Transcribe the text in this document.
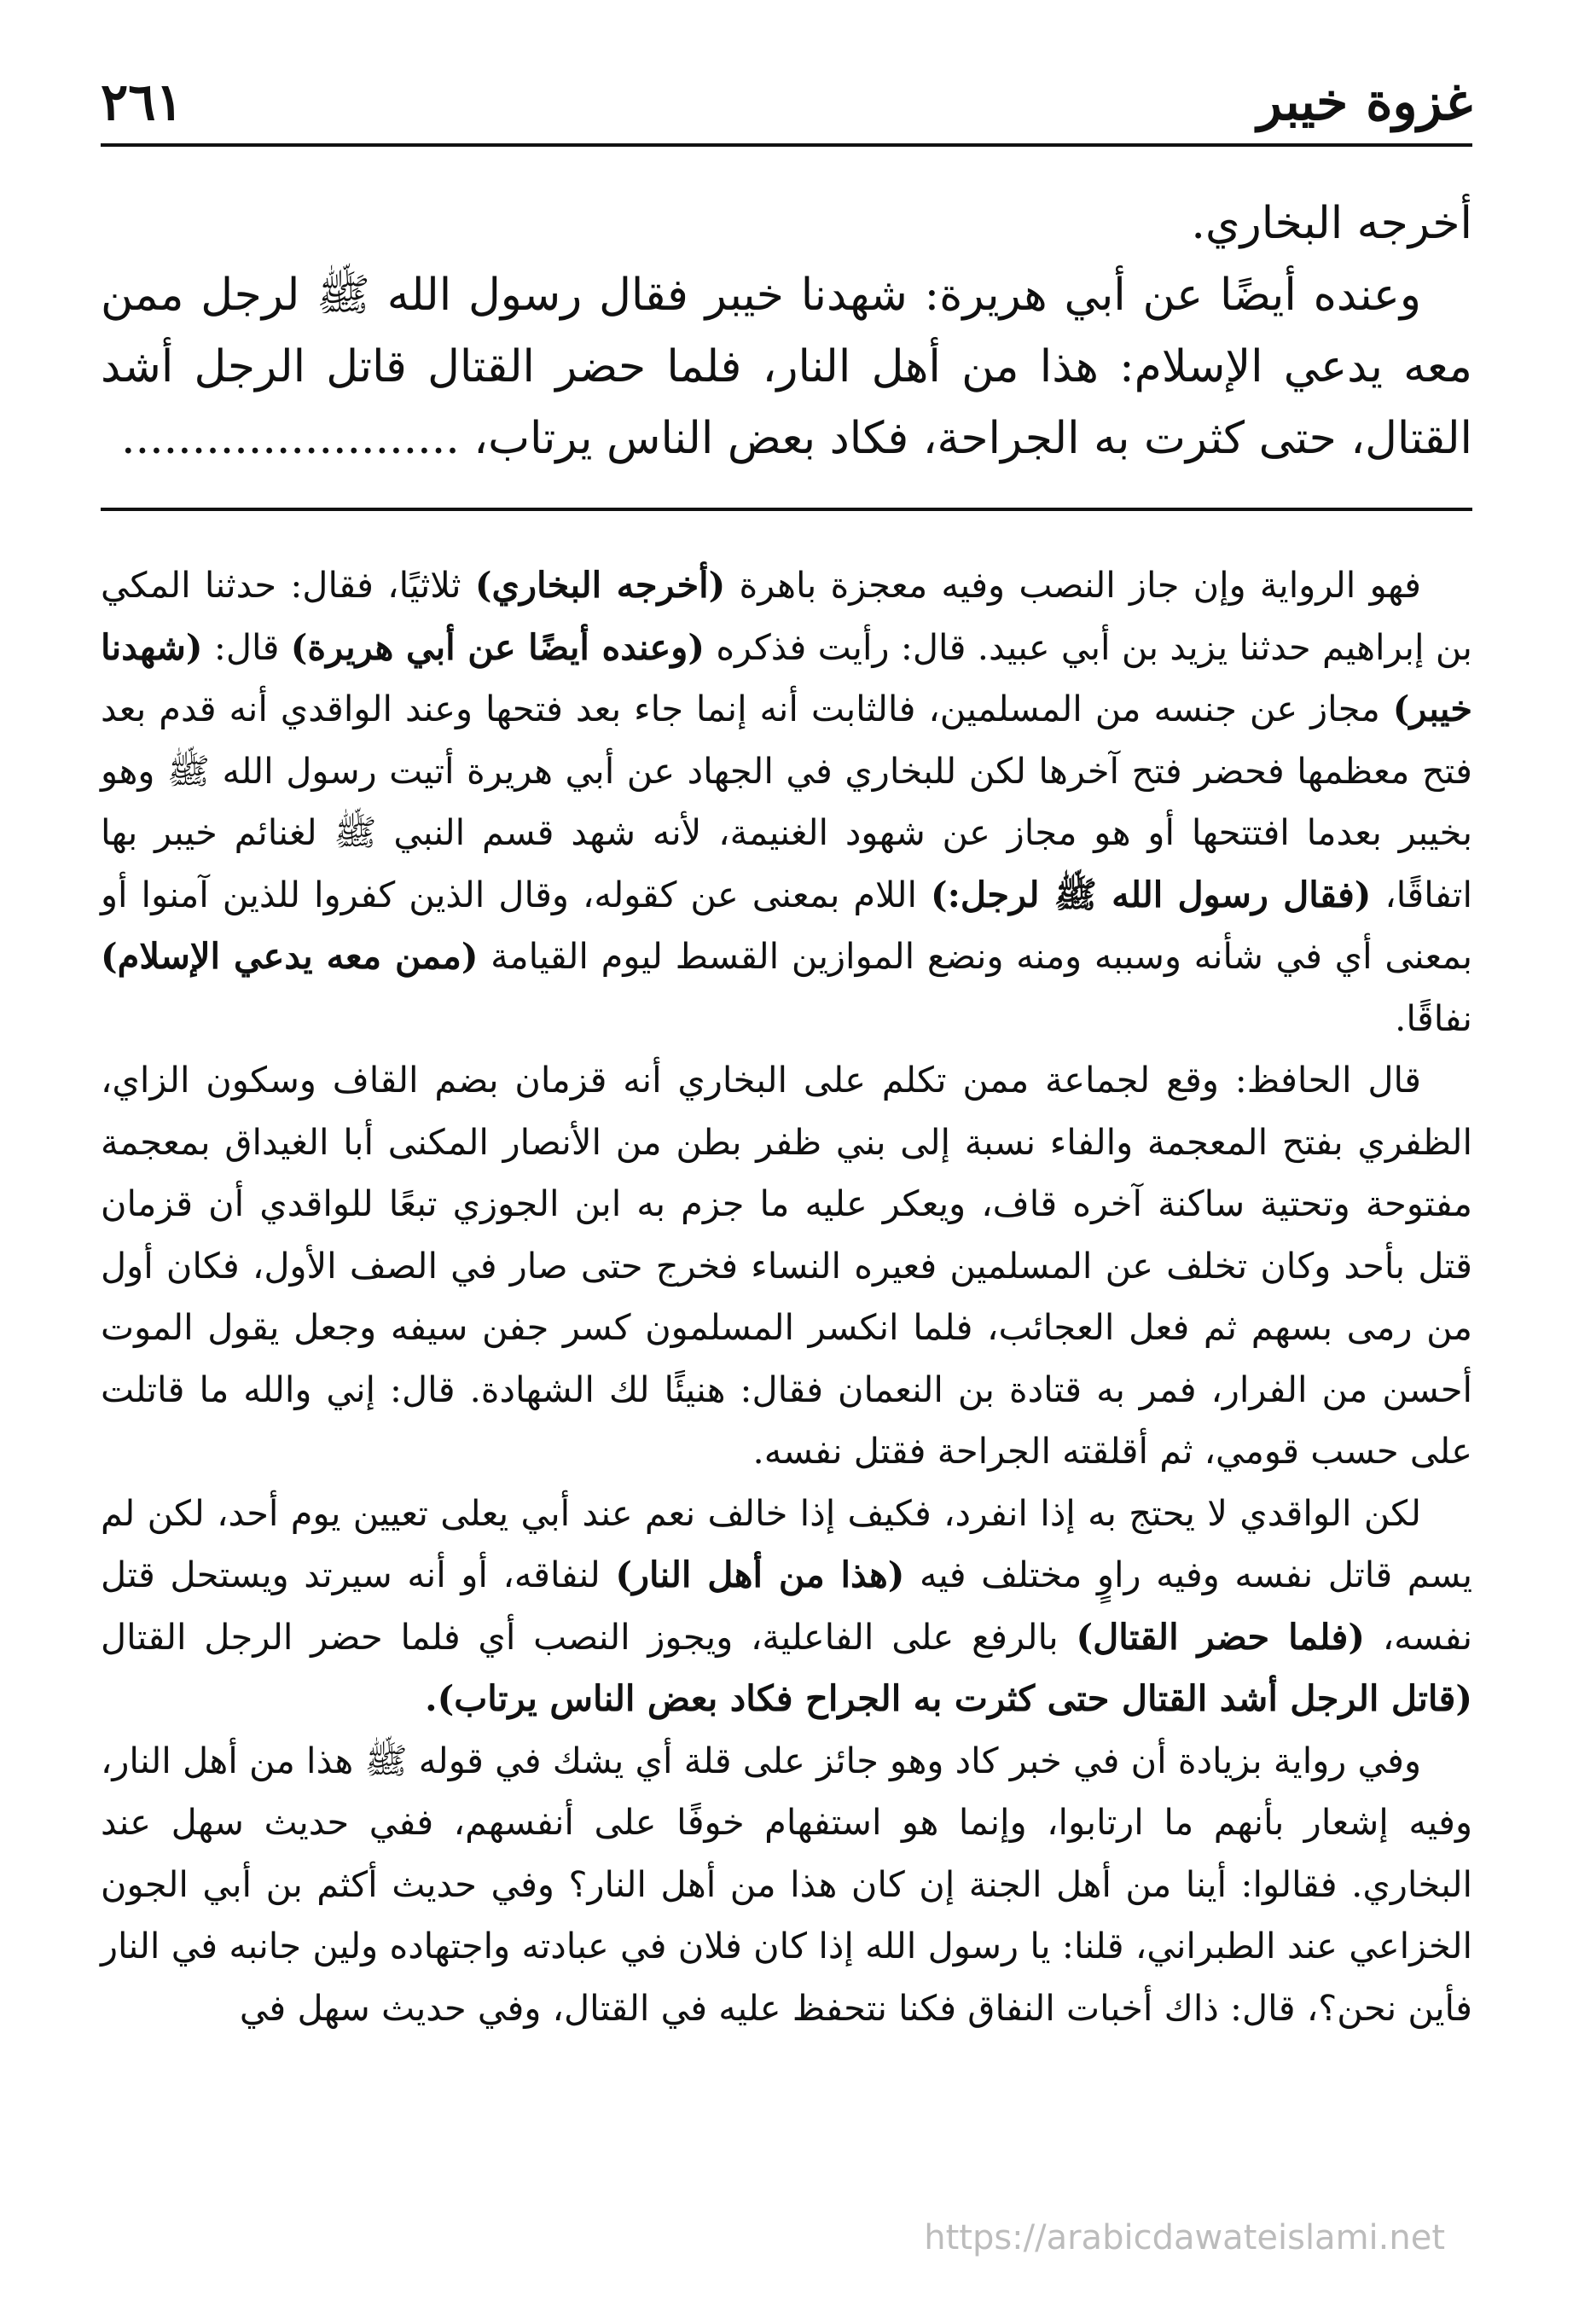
غزوة خيبر
٢٦١

أخرجه البخاري.

وعنده أيضًا عن أبي هريرة: شهدنا خيبر فقال رسول الله ﷺ لرجل ممن معه يدعي الإسلام: هذا من أهل النار، فلما حضر القتال قاتل الرجل أشد القتال، حتى كثرت به الجراحة، فكاد بعض الناس يرتاب، ........................

فهو الرواية وإن جاز النصب وفيه معجزة باهرة (أخرجه البخاري) ثلاثيًا، فقال: حدثنا المكي بن إبراهيم حدثنا يزيد بن أبي عبيد. قال: رأيت فذكره (وعنده أيضًا عن أبي هريرة) قال: (شهدنا خيبر) مجاز عن جنسه من المسلمين، فالثابت أنه إنما جاء بعد فتحها وعند الواقدي أنه قدم بعد فتح معظمها فحضر فتح آخرها لكن للبخاري في الجهاد عن أبي هريرة أتيت رسول الله ﷺ وهو بخيبر بعدما افتتحها أو هو مجاز عن شهود الغنيمة، لأنه شهد قسم النبي ﷺ لغنائم خيبر بها اتفاقًا، (فقال رسول الله ﷺ لرجل:) اللام بمعنى عن كقوله، وقال الذين كفروا للذين آمنوا أو بمعنى أي في شأنه وسببه ومنه ونضع الموازين القسط ليوم القيامة (ممن معه يدعي الإسلام) نفاقًا.

قال الحافظ: وقع لجماعة ممن تكلم على البخاري أنه قزمان بضم القاف وسكون الزاي، الظفري بفتح المعجمة والفاء نسبة إلى بني ظفر بطن من الأنصار المكنى أبا الغيداق بمعجمة مفتوحة وتحتية ساكنة آخره قاف، ويعكر عليه ما جزم به ابن الجوزي تبعًا للواقدي أن قزمان قتل بأحد وكان تخلف عن المسلمين فعيره النساء فخرج حتى صار في الصف الأول، فكان أول من رمى بسهم ثم فعل العجائب، فلما انكسر المسلمون كسر جفن سيفه وجعل يقول الموت أحسن من الفرار، فمر به قتادة بن النعمان فقال: هنيئًا لك الشهادة. قال: إني والله ما قاتلت على حسب قومي، ثم أقلقته الجراحة فقتل نفسه.

لكن الواقدي لا يحتج به إذا انفرد، فكيف إذا خالف نعم عند أبي يعلى تعيين يوم أحد، لكن لم يسم قاتل نفسه وفيه راوٍ مختلف فيه (هذا من أهل النار) لنفاقه، أو أنه سيرتد ويستحل قتل نفسه، (فلما حضر القتال) بالرفع على الفاعلية، ويجوز النصب أي فلما حضر الرجل القتال (قاتل الرجل أشد القتال حتى كثرت به الجراح فكاد بعض الناس يرتاب).

وفي رواية بزيادة أن في خبر كاد وهو جائز على قلة أي يشك في قوله ﷺ هذا من أهل النار، وفيه إشعار بأنهم ما ارتابوا، وإنما هو استفهام خوفًا على أنفسهم، ففي حديث سهل عند البخاري. فقالوا: أينا من أهل الجنة إن كان هذا من أهل النار؟ وفي حديث أكثم بن أبي الجون الخزاعي عند الطبراني، قلنا: يا رسول الله إذا كان فلان في عبادته واجتهاده ولين جانبه في النار فأين نحن؟، قال: ذاك أخبات النفاق فكنا نتحفظ عليه في القتال، وفي حديث سهل في

https://arabicdawateislami.net
